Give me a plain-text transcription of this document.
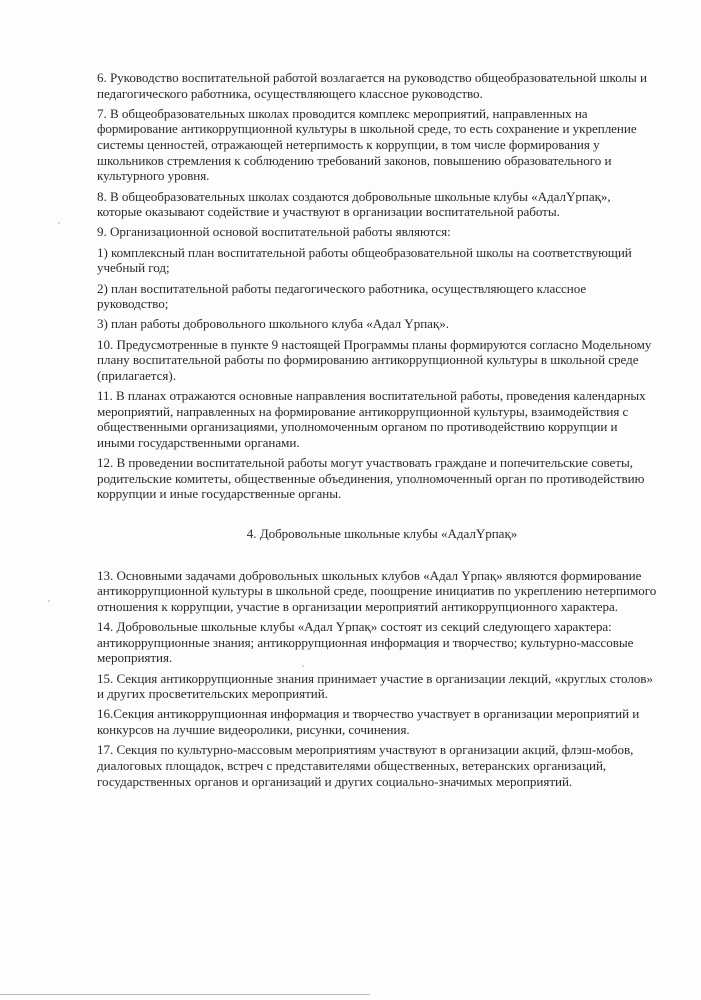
6. Руководство воспитательной работой возлагается на руководство общеобразовательной школы и педагогического работника, осуществляющего классное руководство.

7. В общеобразовательных школах проводится комплекс мероприятий, направленных на формирование антикоррупционной культуры в школьной среде, то есть сохранение и укрепление системы ценностей, отражающей нетерпимость к коррупции, в том числе формирования у школьников стремления к соблюдению требований законов, повышению образовательного и культурного уровня.

8. В общеобразовательных школах создаются добровольные школьные клубы «АдалҮрпақ», которые оказывают содействие и участвуют в организации воспитательной работы.

9. Организационной основой воспитательной работы являются:

1) комплексный план воспитательной работы общеобразовательной школы на соответствующий учебный год;

2) план воспитательной работы педагогического работника, осуществляющего классное руководство;

3) план работы добровольного школьного клуба «Адал Үрпақ».

10. Предусмотренные в пункте 9 настоящей Программы планы формируются согласно Модельному плану воспитательной работы по формированию антикоррупционной культуры в школьной среде (прилагается).

11. В планах отражаются основные направления воспитательной работы, проведения календарных мероприятий, направленных на формирование антикоррупционной культуры, взаимодействия с общественными организациями, уполномоченным органом по противодействию коррупции и иными государственными органами.

12. В проведении воспитательной работы могут участвовать граждане и попечительские советы, родительские комитеты, общественные объединения, уполномоченный орган по противодействию коррупции и иные государственные органы.

4. Добровольные школьные клубы «АдалҮрпақ»

13. Основными задачами добровольных школьных клубов «Адал Үрпақ» являются формирование антикоррупционной культуры в школьной среде, поощрение инициатив по укреплению нетерпимого отношения к коррупции, участие в организации мероприятий антикоррупционного характера.

14. Добровольные школьные клубы «Адал Үрпақ» состоят из секций следующего характера: антикоррупционные знания; антикоррупционная информация и творчество; культурно-массовые мероприятия.

15. Секция антикоррупционные знания принимает участие в организации лекций, «круглых столов» и других просветительских мероприятий.

16.Секция антикоррупционная информация и творчество участвует в организации мероприятий и конкурсов на лучшие видеоролики, рисунки, сочинения.

17. Секция по культурно-массовым мероприятиям участвуют в организации акций, флэш-мобов, диалоговых площадок, встреч с представителями общественных, ветеранских организаций, государственных органов и организаций и других социально-значимых мероприятий.
